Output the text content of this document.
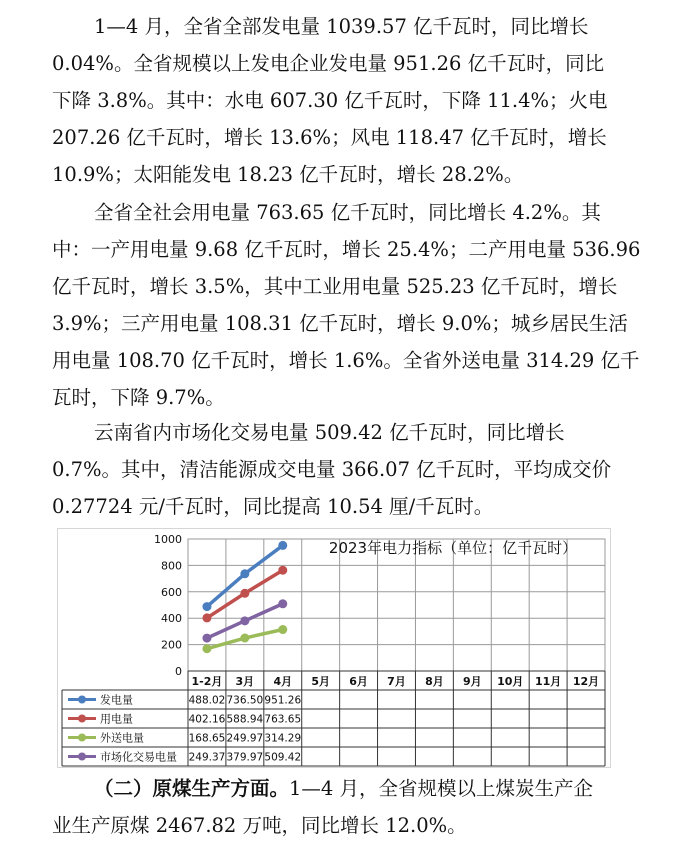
1—4 月，全省全部发电量 1039.57 亿千瓦时，同比增长
0.04%。全省规模以上发电企业发电量 951.26 亿千瓦时，同比
下降 3.8%。其中：水电 607.30 亿千瓦时，下降 11.4%；火电
207.26 亿千瓦时，增长 13.6%；风电 118.47 亿千瓦时，增长
10.9%；太阳能发电 18.23 亿千瓦时，增长 28.2%。
全省全社会用电量 763.65 亿千瓦时，同比增长 4.2%。其
中：一产用电量 9.68 亿千瓦时，增长 25.4%；二产用电量 536.96
亿千瓦时，增长 3.5%，其中工业用电量 525.23 亿千瓦时，增长
3.9%；三产用电量 108.31 亿千瓦时，增长 9.0%；城乡居民生活
用电量 108.70 亿千瓦时，增长 1.6%。全省外送电量 314.29 亿千
瓦时，下降 9.7%。
云南省内市场化交易电量 509.42 亿千瓦时，同比增长
0.7%。其中，清洁能源成交电量 366.07 亿千瓦时，平均成交价
0.27724 元/千瓦时，同比提高 10.54 厘/千瓦时。
0
200
400
600
800
1000
1-2月 3月 4月 5月 6月 7月 8月 9月 10月 11月 12月
发电量	488.02 736.50 951.26
用电量	402.16 588.94 763.65
外送电量	168.65 249.97 314.29
市场化交易电量 249.37 379.97 509.42
2023年电力指标（单位：亿千瓦时）
（二）原煤生产方面。1—4 月，全省规模以上煤炭生产企
业生产原煤 2467.82 万吨，同比增长 12.0%。
